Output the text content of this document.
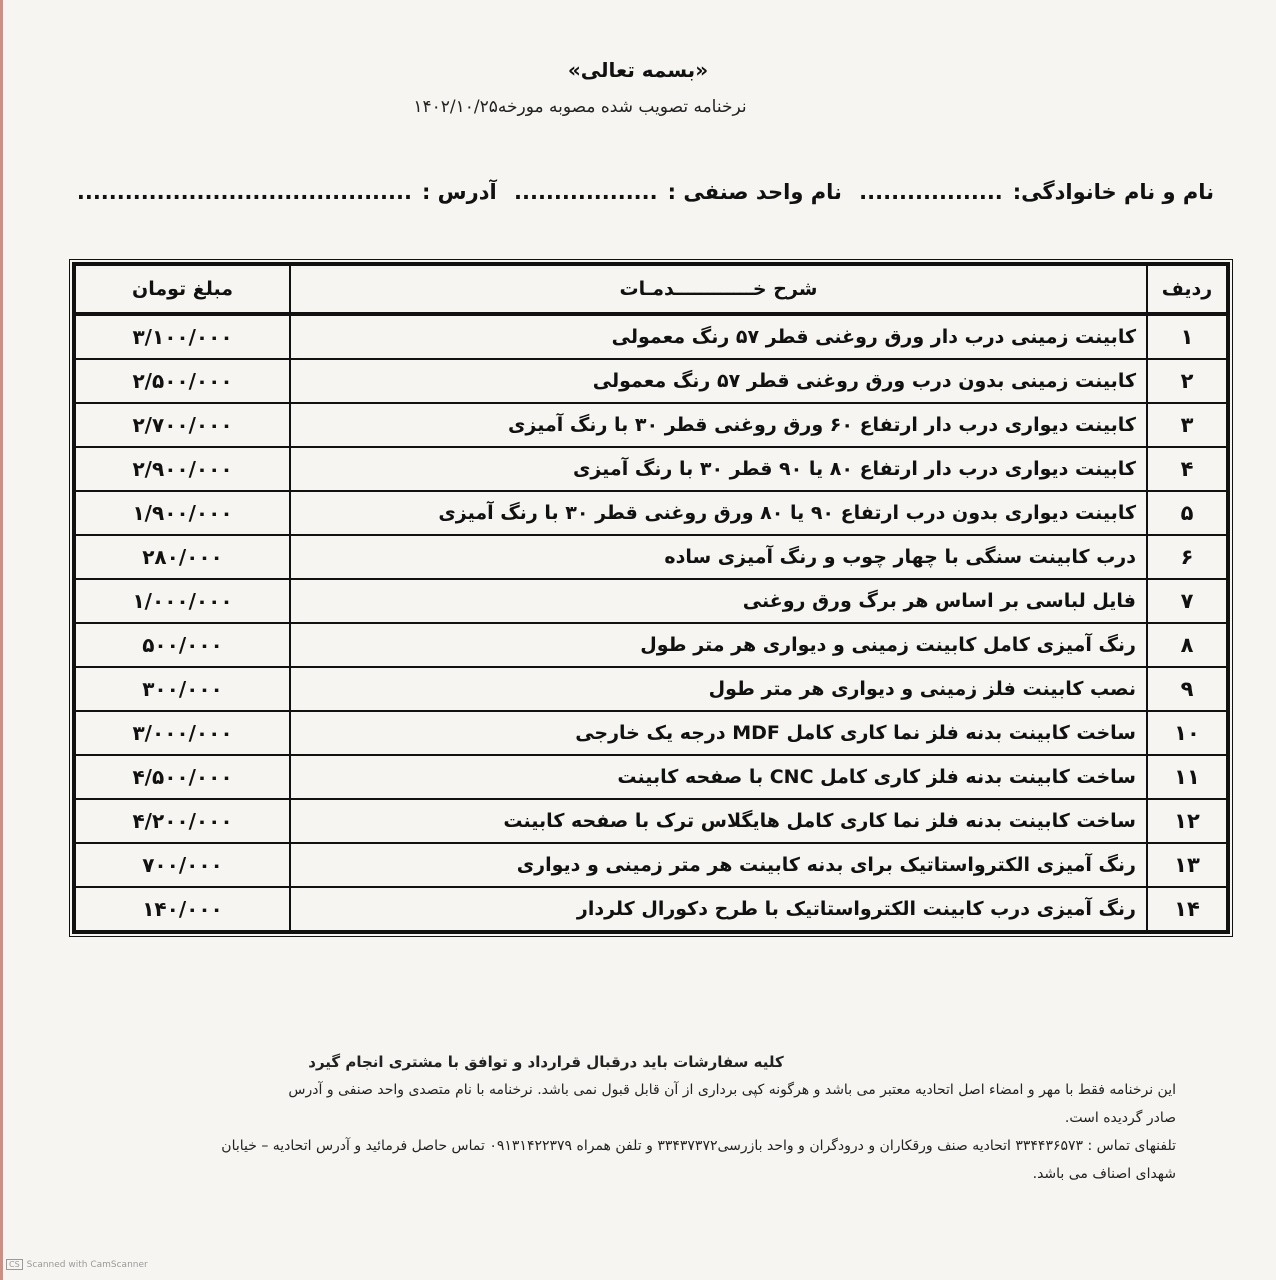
«بسمه تعالی»
نرخنامه تصویب شده مصوبه مورخه۱۴۰۲/۱۰/۲۵
نام و نام خانوادگی:.................. نام واحد صنفی :.................. آدرس :..........................................
ردیف	شرح خــــــــــــدمـات	مبلغ تومان
۱	کابینت زمینی درب دار ورق روغنی قطر ۵۷ رنگ معمولی	۳/۱۰۰/۰۰۰
۲	کابینت زمینی بدون درب ورق روغنی قطر ۵۷ رنگ معمولی	۲/۵۰۰/۰۰۰
۳	کابینت دیواری درب دار ارتفاع ۶۰ ورق روغنی قطر ۳۰ با رنگ آمیزی	۲/۷۰۰/۰۰۰
۴	کابینت دیواری درب دار ارتفاع ۸۰ یا ۹۰ قطر ۳۰ با رنگ آمیزی	۲/۹۰۰/۰۰۰
۵	کابینت دیواری بدون درب ارتفاع ۹۰ یا ۸۰ ورق روغنی قطر ۳۰ با رنگ آمیزی	۱/۹۰۰/۰۰۰
۶	درب کابینت سنگی با چهار چوب و رنگ آمیزی ساده	۲۸۰/۰۰۰
۷	فایل لباسی بر اساس هر برگ ورق روغنی	۱/۰۰۰/۰۰۰
۸	رنگ آمیزی کامل کابینت زمینی و دیواری هر متر طول	۵۰۰/۰۰۰
۹	نصب کابینت فلز زمینی و دیواری هر متر طول	۳۰۰/۰۰۰
۱۰	ساخت کابینت بدنه فلز نما کاری کامل MDF درجه یک خارجی	۳/۰۰۰/۰۰۰
۱۱	ساخت کابینت بدنه فلز کاری کامل CNC با صفحه کابینت	۴/۵۰۰/۰۰۰
۱۲	ساخت کابینت بدنه فلز نما کاری کامل هایگلاس ترک با صفحه کابینت	۴/۲۰۰/۰۰۰
۱۳	رنگ آمیزی الکترواستاتیک برای بدنه کابینت هر متر زمینی و دیواری	۷۰۰/۰۰۰
۱۴	رنگ آمیزی درب کابینت الکترواستاتیک با طرح دکورال کلردار	۱۴۰/۰۰۰

کلیه سفارشات باید درقبال قرارداد و توافق با مشتری انجام گیرد

این نرخنامه فقط با مهر و امضاء اصل اتحادیه معتبر می باشد و هرگونه کپی برداری از آن قابل قبول نمی باشد. نرخنامه با نام متصدی واحد صنفی و آدرس

صادر گردیده است.

تلفنهای تماس : ۳۳۴۴۳۶۵۷۳ اتحادیه صنف ورقکاران و درودگران و واحد بازرسی۳۳۴۳۷۳۷۲ و تلفن همراه ۰۹۱۳۱۴۲۲۳۷۹ تماس حاصل فرمائید و آدرس اتحادیه – خیابان

شهدای اصناف می باشد.

CS Scanned with CamScanner
